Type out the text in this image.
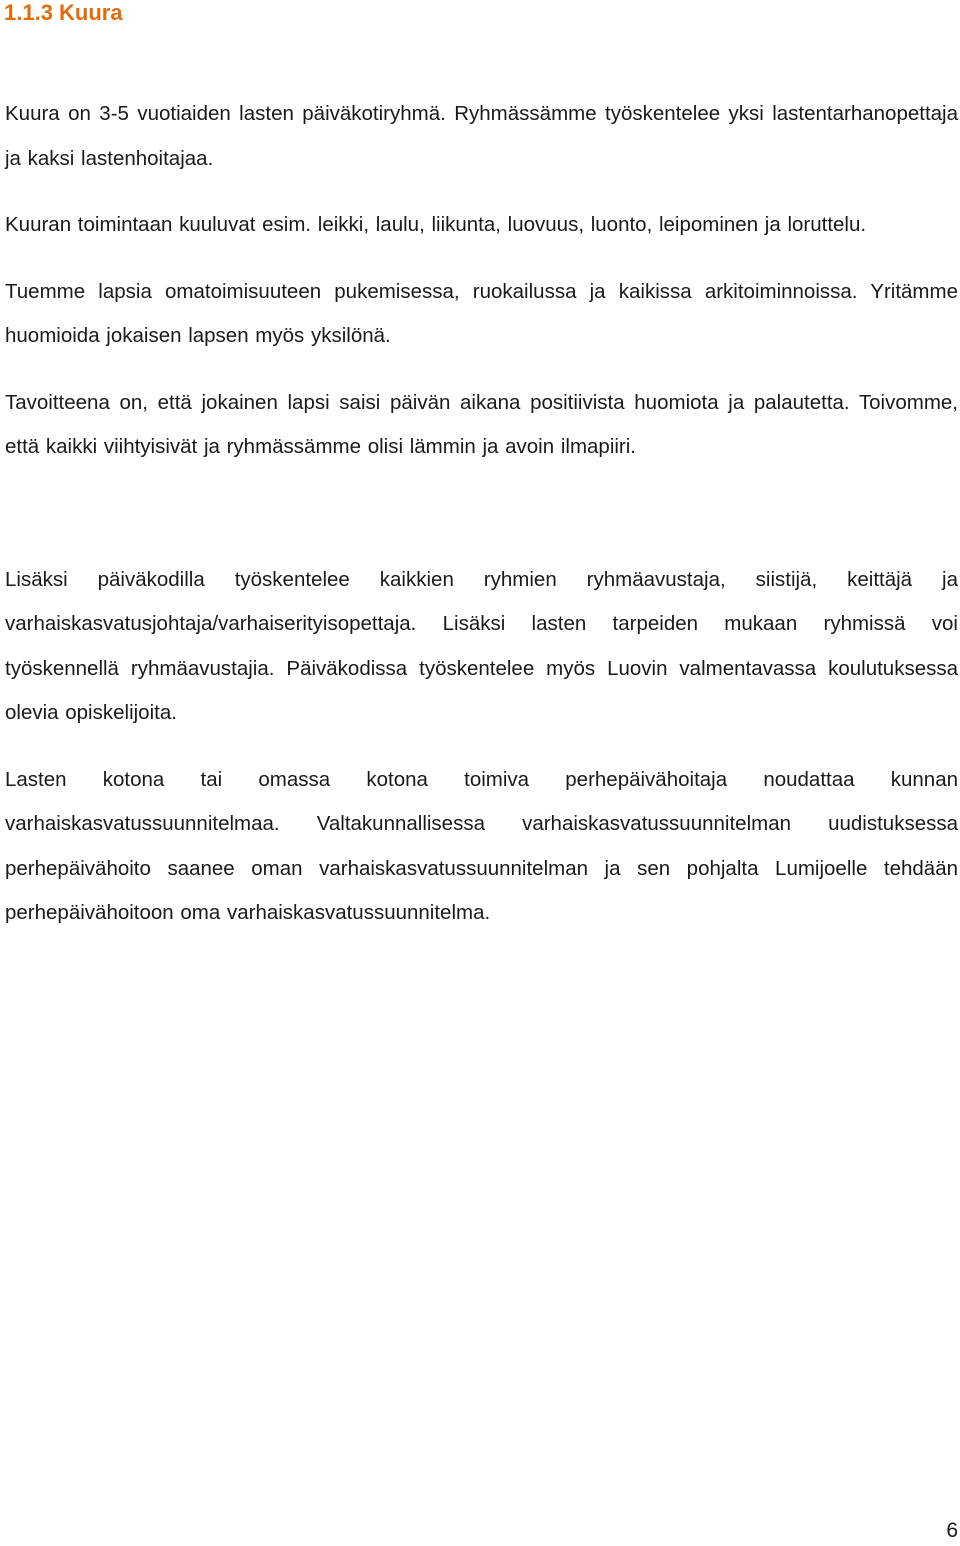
1.1.3 Kuura

Kuura on 3-5 vuotiaiden lasten päiväkotiryhmä. Ryhmässämme työskentelee yksi lastentarhanopettaja ja kaksi lastenhoitajaa.

Kuuran toimintaan kuuluvat esim. leikki, laulu, liikunta, luovuus, luonto, leipominen ja loruttelu.

Tuemme lapsia omatoimisuuteen pukemisessa, ruokailussa ja kaikissa arkitoiminnoissa. Yritämme huomioida jokaisen lapsen myös yksilönä.

Tavoitteena on, että jokainen lapsi saisi päivän aikana positiivista huomiota ja palautetta. Toivomme, että kaikki viihtyisivät ja ryhmässämme olisi lämmin ja avoin ilmapiiri.

Lisäksi päiväkodilla työskentelee kaikkien ryhmien ryhmäavustaja, siistijä, keittäjä ja varhaiskasvatusjohtaja/varhaiserityisopettaja. Lisäksi lasten tarpeiden mukaan ryhmissä voi työskennellä ryhmäavustajia. Päiväkodissa työskentelee myös Luovin valmentavassa koulutuksessa olevia opiskelijoita.

Lasten kotona tai omassa kotona toimiva perhepäivähoitaja noudattaa kunnan varhaiskasvatussuunnitelmaa. Valtakunnallisessa varhaiskasvatussuunnitelman uudistuksessa perhepäivähoito saanee oman varhaiskasvatussuunnitelman ja sen pohjalta Lumijoelle tehdään perhepäivähoitoon oma varhaiskasvatussuunnitelma.

6
